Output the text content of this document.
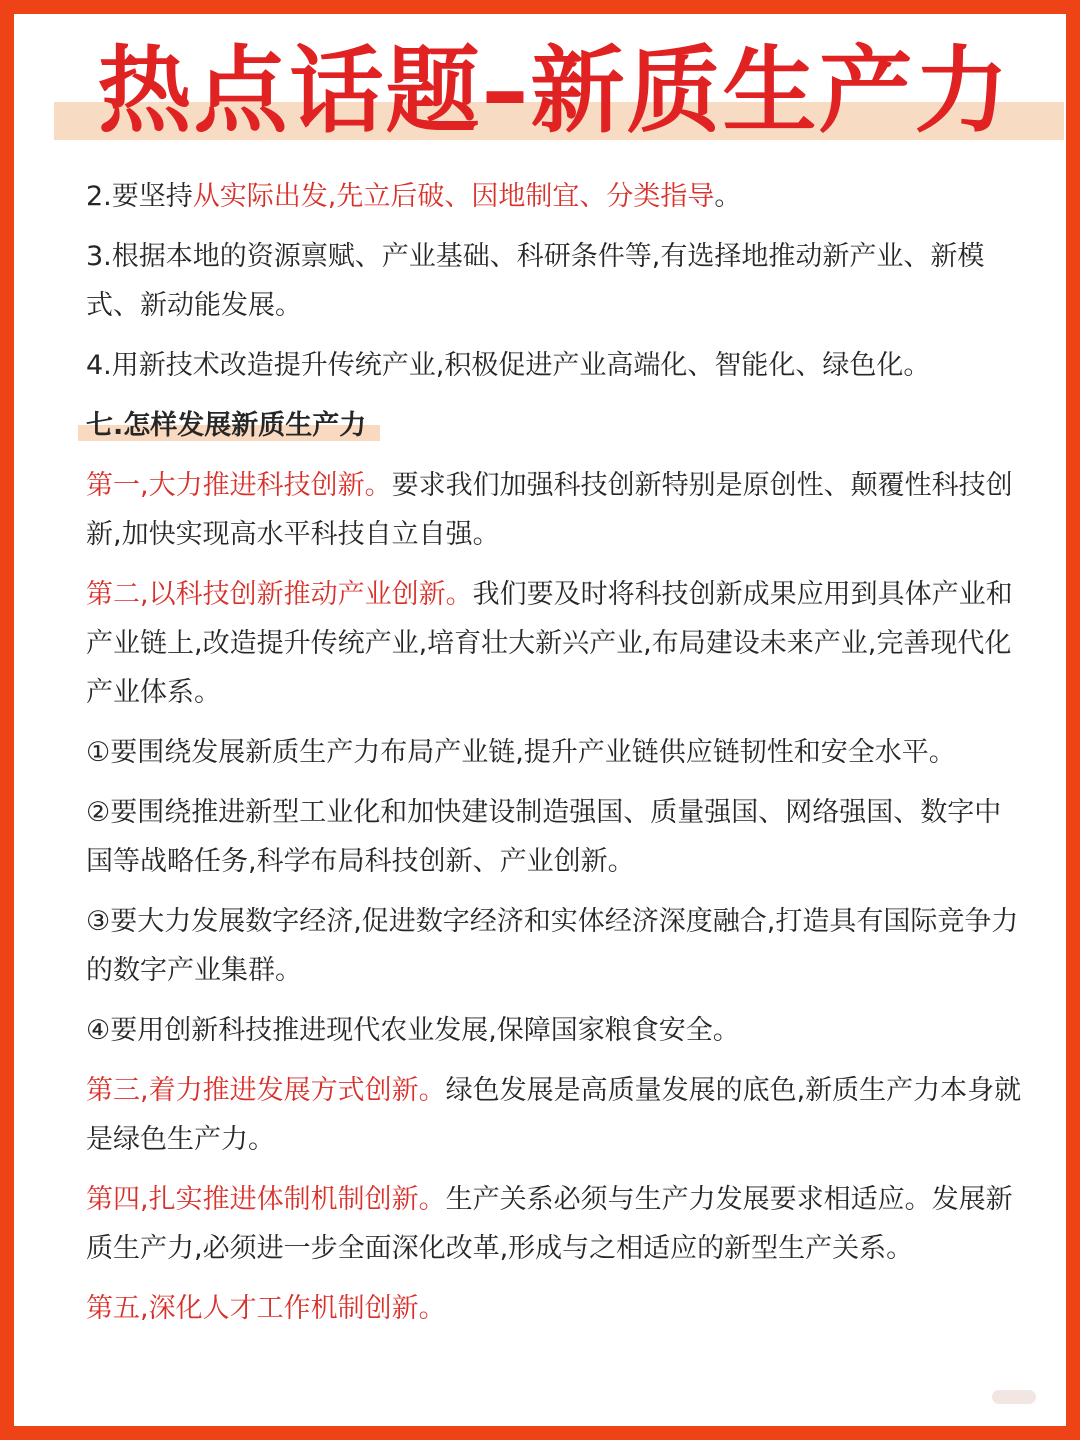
热点话题–新质生产力

2.要坚持从实际出发,先立后破、因地制宜、分类指导。

3.根据本地的资源禀赋、产业基础、科研条件等,有选择地推动新产业、新模式、新动能发展。

4.用新技术改造提升传统产业,积极促进产业高端化、智能化、绿色化。

七.怎样发展新质生产力

第一,大力推进科技创新。要求我们加强科技创新特别是原创性、颠覆性科技创新,加快实现高水平科技自立自强。

第二,以科技创新推动产业创新。我们要及时将科技创新成果应用到具体产业和产业链上,改造提升传统产业,培育壮大新兴产业,布局建设未来产业,完善现代化产业体系。

①要围绕发展新质生产力布局产业链,提升产业链供应链韧性和安全水平。

②要围绕推进新型工业化和加快建设制造强国、质量强国、网络强国、数字中国等战略任务,科学布局科技创新、产业创新。

③要大力发展数字经济,促进数字经济和实体经济深度融合,打造具有国际竞争力的数字产业集群。

④要用创新科技推进现代农业发展,保障国家粮食安全。

第三,着力推进发展方式创新。绿色发展是高质量发展的底色,新质生产力本身就是绿色生产力。

第四,扎实推进体制机制创新。生产关系必须与生产力发展要求相适应。发展新质生产力,必须进一步全面深化改革,形成与之相适应的新型生产关系。

第五,深化人才工作机制创新。
